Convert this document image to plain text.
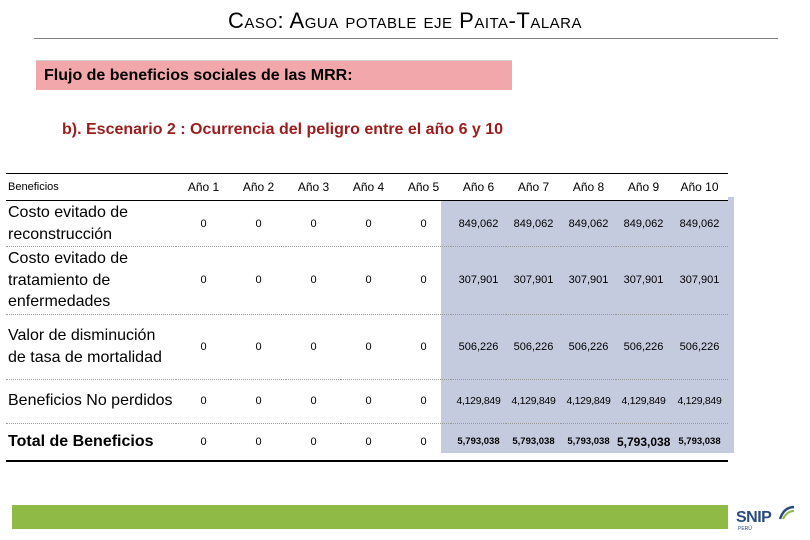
Caso: Agua potable eje Paita-Talara
Flujo de beneficios sociales de las MRR:
b). Escenario 2 : Ocurrencia del peligro entre el año 6 y 10
Beneficios	Año 1	Año 2	Año 3	Año 4	Año 5	Año 6	Año 7	Año 8	Año 9	Año 10
Costo evitado de reconstrucción	0	0	0	0	0	849,062	849,062	849,062	849,062	849,062
Costo evitado de tratamiento de enfermedades	0	0	0	0	0	307,901	307,901	307,901	307,901	307,901
Valor de disminución de tasa de mortalidad	0	0	0	0	0	506,226	506,226	506,226	506,226	506,226
Beneficios No perdidos	0	0	0	0	0	4,129,849	4,129,849	4,129,849	4,129,849	4,129,849
Total de Beneficios	0	0	0	0	0	5,793,038	5,793,038	5,793,038	5,793,038	5,793,038
SNIP
PERÚ
